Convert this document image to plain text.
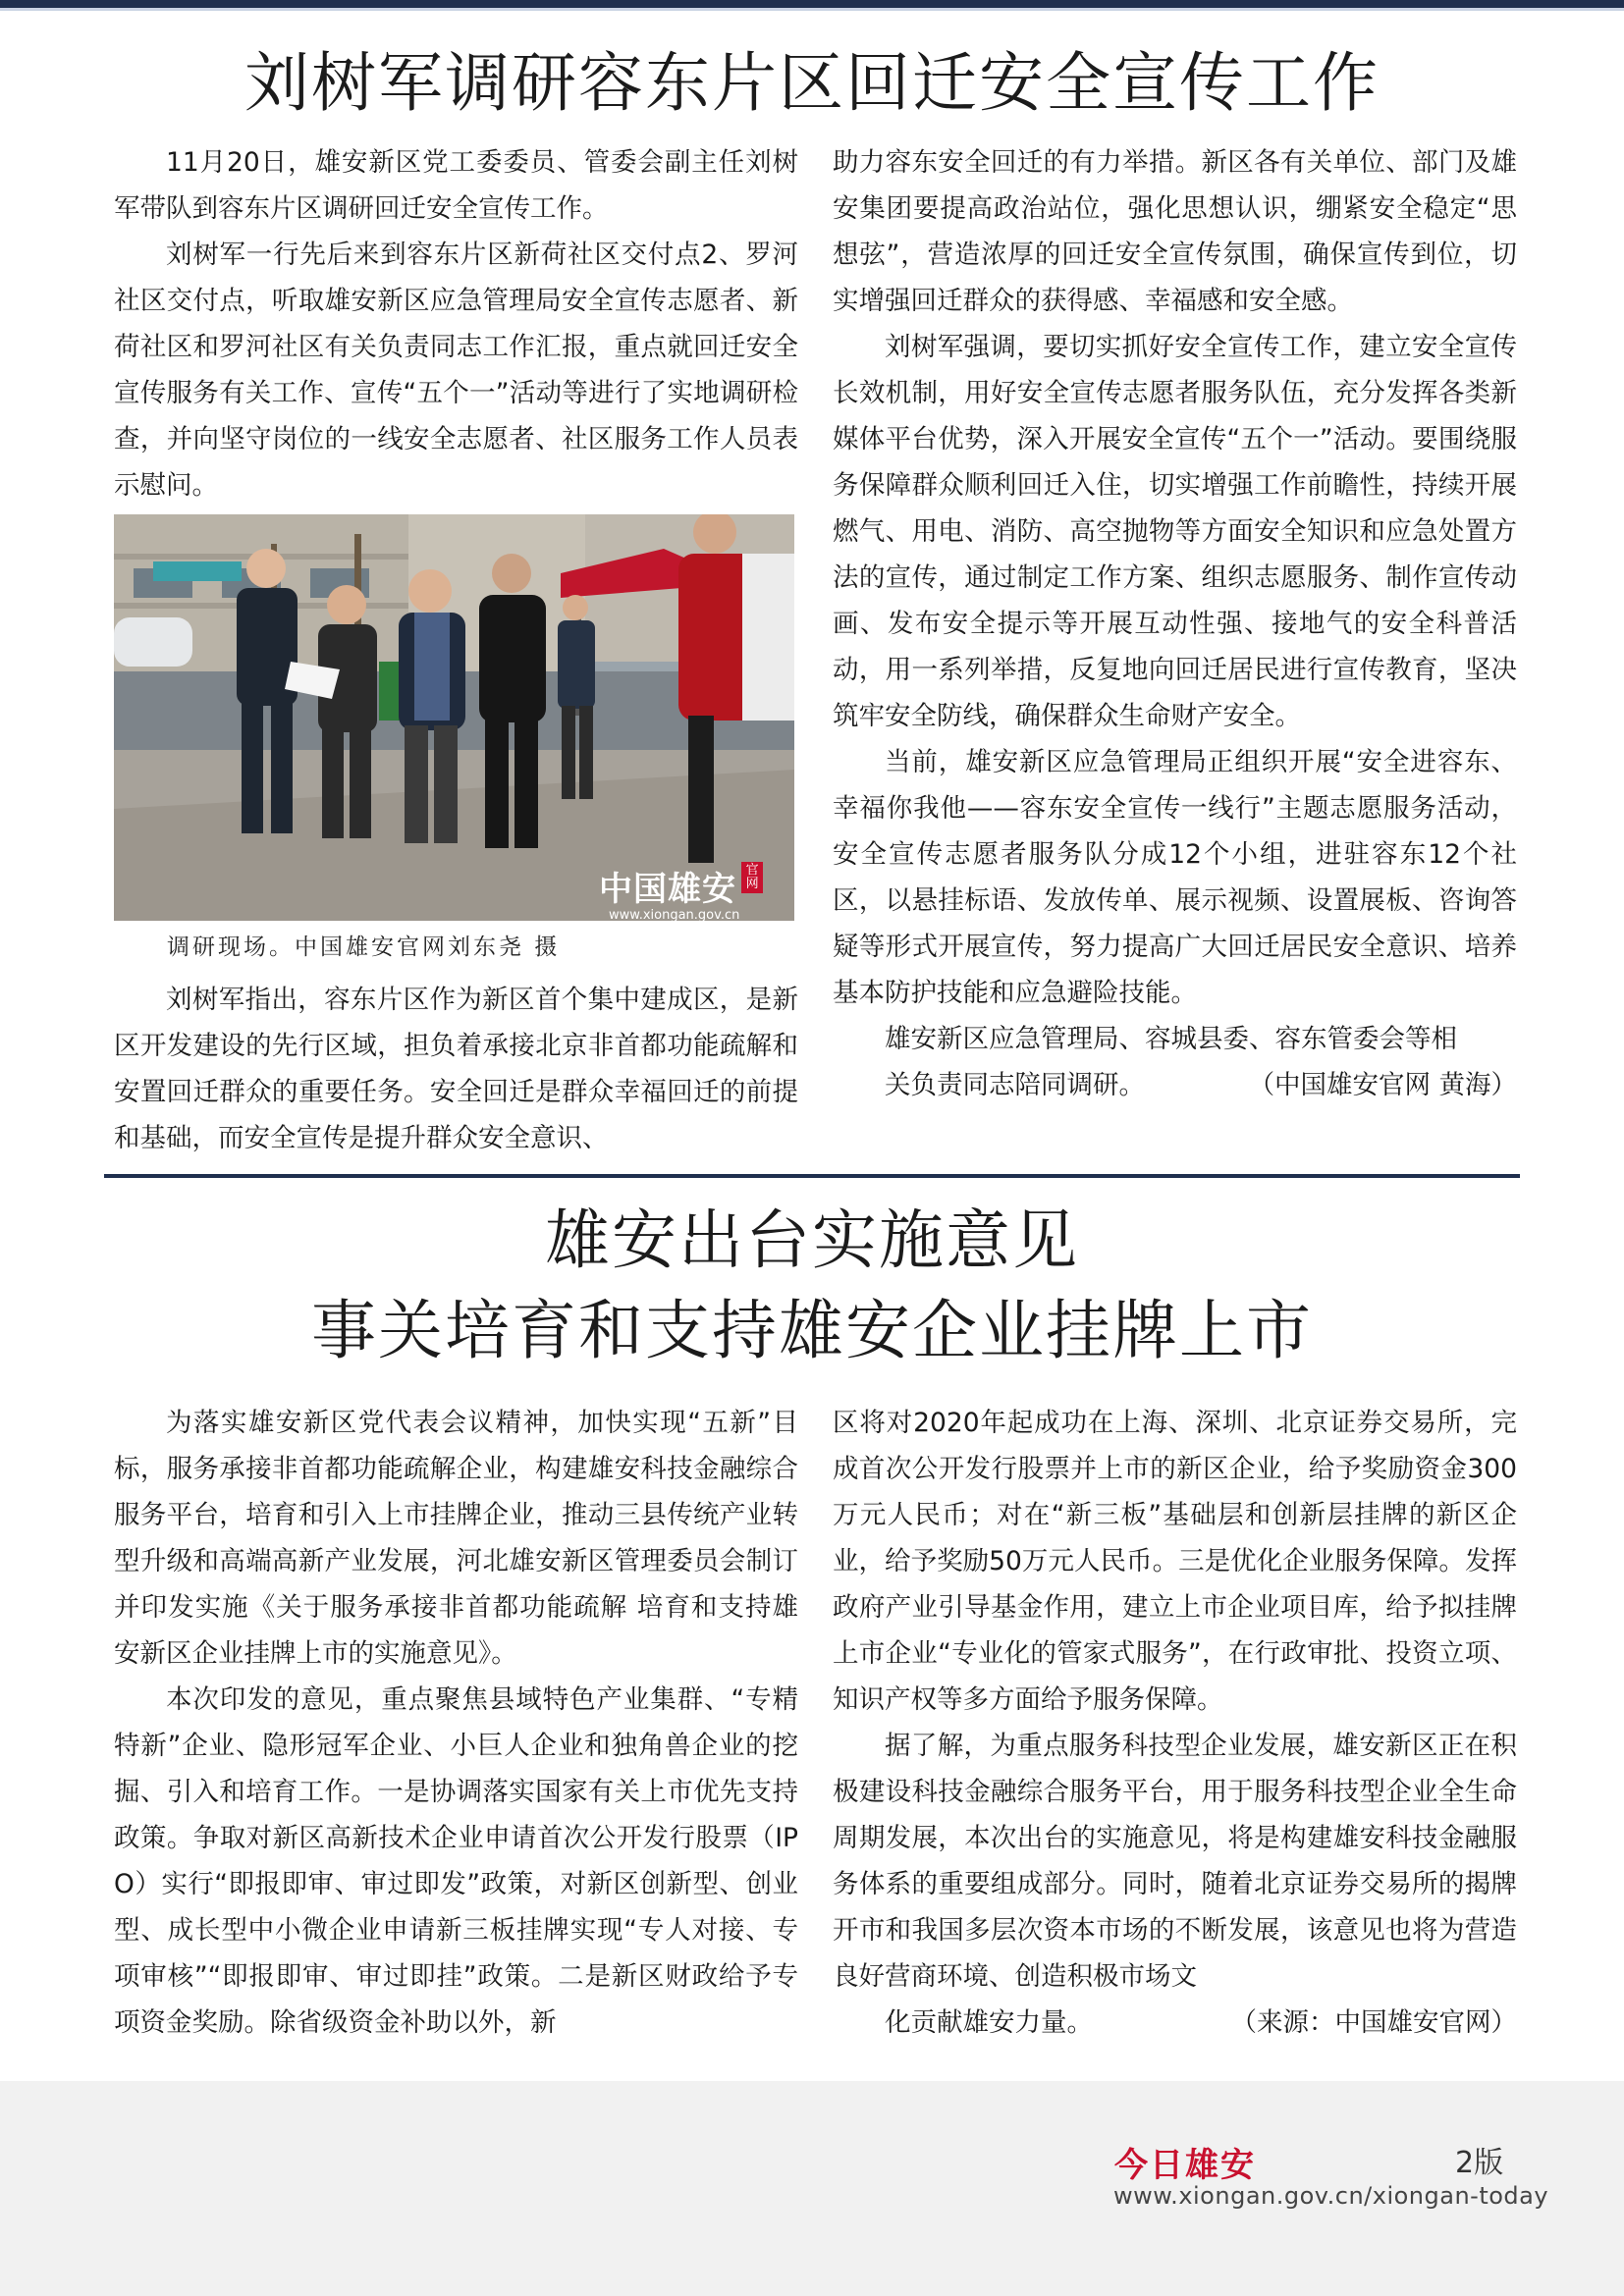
刘树军调研容东片区回迁安全宣传工作

11月20日，雄安新区党工委委员、管委会副主任刘树军带队到容东片区调研回迁安全宣传工作。

刘树军一行先后来到容东片区新荷社区交付点2、罗河社区交付点，听取雄安新区应急管理局安全宣传志愿者、新荷社区和罗河社区有关负责同志工作汇报，重点就回迁安全宣传服务有关工作、宣传“五个一”活动等进行了实地调研检查，并向坚守岗位的一线安全志愿者、社区服务工作人员表示慰问。

中国雄安 官网
www.xiongan.gov.cn
调研现场。中国雄安官网刘东尧 摄

刘树军指出，容东片区作为新区首个集中建成区，是新区开发建设的先行区域，担负着承接北京非首都功能疏解和安置回迁群众的重要任务。安全回迁是群众幸福回迁的前提和基础，而安全宣传是提升群众安全意识、

助力容东安全回迁的有力举措。新区各有关单位、部门及雄安集团要提高政治站位，强化思想认识，绷紧安全稳定“思想弦”，营造浓厚的回迁安全宣传氛围，确保宣传到位，切实增强回迁群众的获得感、幸福感和安全感。

刘树军强调，要切实抓好安全宣传工作，建立安全宣传长效机制，用好安全宣传志愿者服务队伍，充分发挥各类新媒体平台优势，深入开展安全宣传“五个一”活动。要围绕服务保障群众顺利回迁入住，切实增强工作前瞻性，持续开展燃气、用电、消防、高空抛物等方面安全知识和应急处置方法的宣传，通过制定工作方案、组织志愿服务、制作宣传动画、发布安全提示等开展互动性强、接地气的安全科普活动，用一系列举措，反复地向回迁居民进行宣传教育，坚决筑牢安全防线，确保群众生命财产安全。

当前，雄安新区应急管理局正组织开展“安全进容东、幸福你我他——容东安全宣传一线行”主题志愿服务活动，安全宣传志愿者服务队分成12个小组，进驻容东12个社区，以悬挂标语、发放传单、展示视频、设置展板、咨询答疑等形式开展宣传，努力提高广大回迁居民安全意识、培养基本防护技能和应急避险技能。

雄安新区应急管理局、容城县委、容东管委会等相

关负责同志陪同调研。	（中国雄安官网 黄海）

雄安出台实施意见
事关培育和支持雄安企业挂牌上市

为落实雄安新区党代表会议精神，加快实现“五新”目标，服务承接非首都功能疏解企业，构建雄安科技金融综合服务平台，培育和引入上市挂牌企业，推动三县传统产业转型升级和高端高新产业发展，河北雄安新区管理委员会制订并印发实施《关于服务承接非首都功能疏解 培育和支持雄安新区企业挂牌上市的实施意见》。

本次印发的意见，重点聚焦县域特色产业集群、“专精特新”企业、隐形冠军企业、小巨人企业和独角兽企业的挖掘、引入和培育工作。一是协调落实国家有关上市优先支持政策。争取对新区高新技术企业申请首次公开发行股票（IPO）实行“即报即审、审过即发”政策，对新区创新型、创业型、成长型中小微企业申请新三板挂牌实现“专人对接、专项审核”“即报即审、审过即挂”政策。二是新区财政给予专项资金奖励。除省级资金补助以外，新

区将对2020年起成功在上海、深圳、北京证券交易所，完成首次公开发行股票并上市的新区企业，给予奖励资金300万元人民币；对在“新三板”基础层和创新层挂牌的新区企业，给予奖励50万元人民币。三是优化企业服务保障。发挥政府产业引导基金作用，建立上市企业项目库，给予拟挂牌上市企业“专业化的管家式服务”，在行政审批、投资立项、知识产权等多方面给予服务保障。

据了解，为重点服务科技型企业发展，雄安新区正在积极建设科技金融综合服务平台，用于服务科技型企业全生命周期发展，本次出台的实施意见，将是构建雄安科技金融服务体系的重要组成部分。同时，随着北京证券交易所的揭牌开市和我国多层次资本市场的不断发展，该意见也将为营造良好营商环境、创造积极市场文

化贡献雄安力量。	（来源：中国雄安官网）

今日雄安	2版
www.xiongan.gov.cn/xiongan-today
